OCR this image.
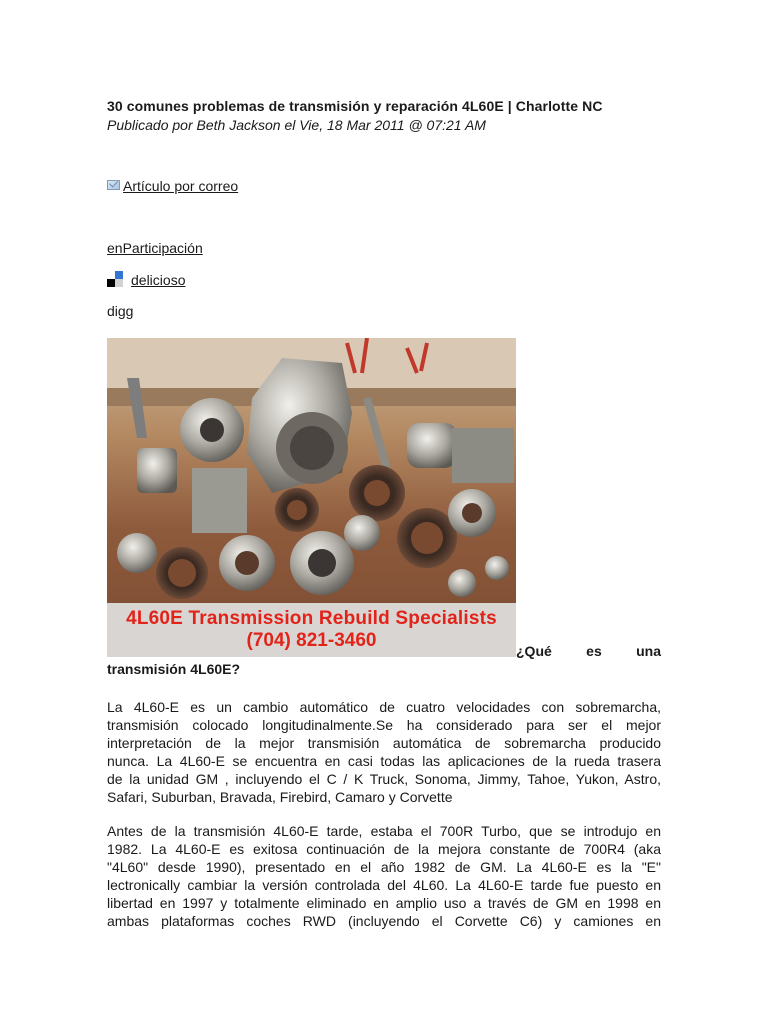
30 comunes problemas de transmisión y reparación 4L60E | Charlotte NC
Publicado por Beth Jackson el Vie, 18 Mar 2011 @ 07:21 AM
Artículo por correo
enParticipación
delicioso
digg
4L60E Transmission Rebuild Specialists
(704) 821-3460	¿Qué es una
transmisión 4L60E?
La 4L60-E es un cambio automático de cuatro velocidades con sobremarcha,
transmisión colocado longitudinalmente.Se ha considerado para ser el mejor
interpretación de la mejor transmisión automática de sobremarcha producido
nunca. La 4L60-E se encuentra en casi todas las aplicaciones de la rueda trasera
de la unidad GM , incluyendo el C / K Truck, Sonoma, Jimmy, Tahoe, Yukon, Astro,
Safari, Suburban, Bravada, Firebird, Camaro y Corvette
Antes de la transmisión 4L60-E tarde, estaba el 700R Turbo, que se introdujo en
1982. La 4L60-E es exitosa continuación de la mejora constante de 700R4 (aka
"4L60" desde 1990), presentado en el año 1982 de GM. La 4L60-E es la "E"
lectronically cambiar la versión controlada del 4L60. La 4L60-E tarde fue puesto en
libertad en 1997 y totalmente eliminado en amplio uso a través de GM en 1998 en
ambas plataformas coches RWD (incluyendo el Corvette C6) y camiones en
